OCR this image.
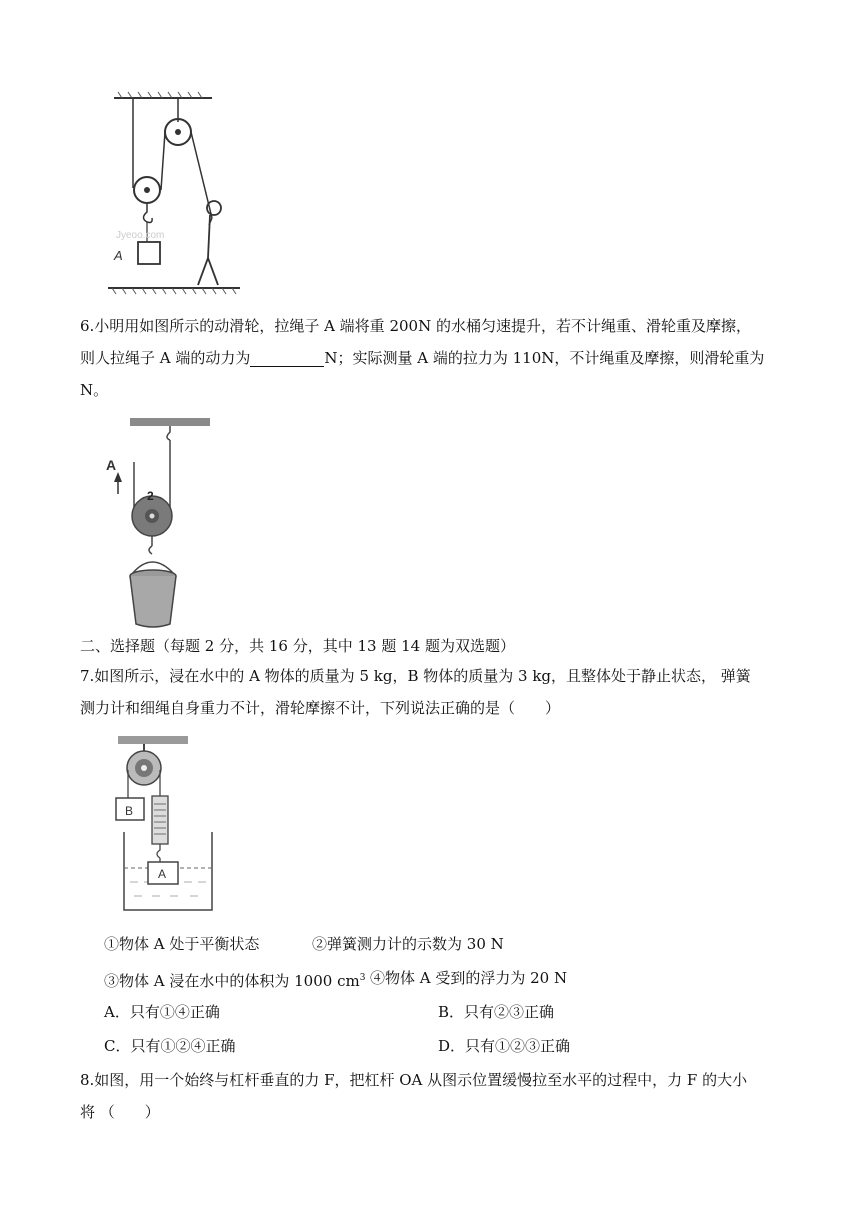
A
Jyeoo.com
6.小明用如图所示的动滑轮，拉绳子 A 端将重 200N 的水桶匀速提升，若不计绳重、滑轮重及摩擦，
则人拉绳子 A 端的动力为	N；实际测量 A 端的拉力为 110N，不计绳重及摩擦，则滑轮重为
N。
A
2
二、选择题（每题 2 分，共 16 分，其中 13 题 14 题为双选题）
7.如图所示，浸在水中的 A 物体的质量为 5 kg，B 物体的质量为 3 kg，且整体处于静止状态， 弹簧
测力计和细绳自身重力不计，滑轮摩擦不计，下列说法正确的是（　　）
B
A
①物体 A 处于平衡状态	②弹簧测力计的示数为 30 N
③物体 A 浸在水中的体积为 1000 $cm^3$ ④物体 A 受到的浮力为 20 N
A．只有①④正确	B．只有②③正确
C．只有①②④正确	D．只有①②③正确
8.如图，用一个始终与杠杆垂直的力 F，把杠杆 OA 从图示位置缓慢拉至水平的过程中，力 F 的大小
将 （　　）
